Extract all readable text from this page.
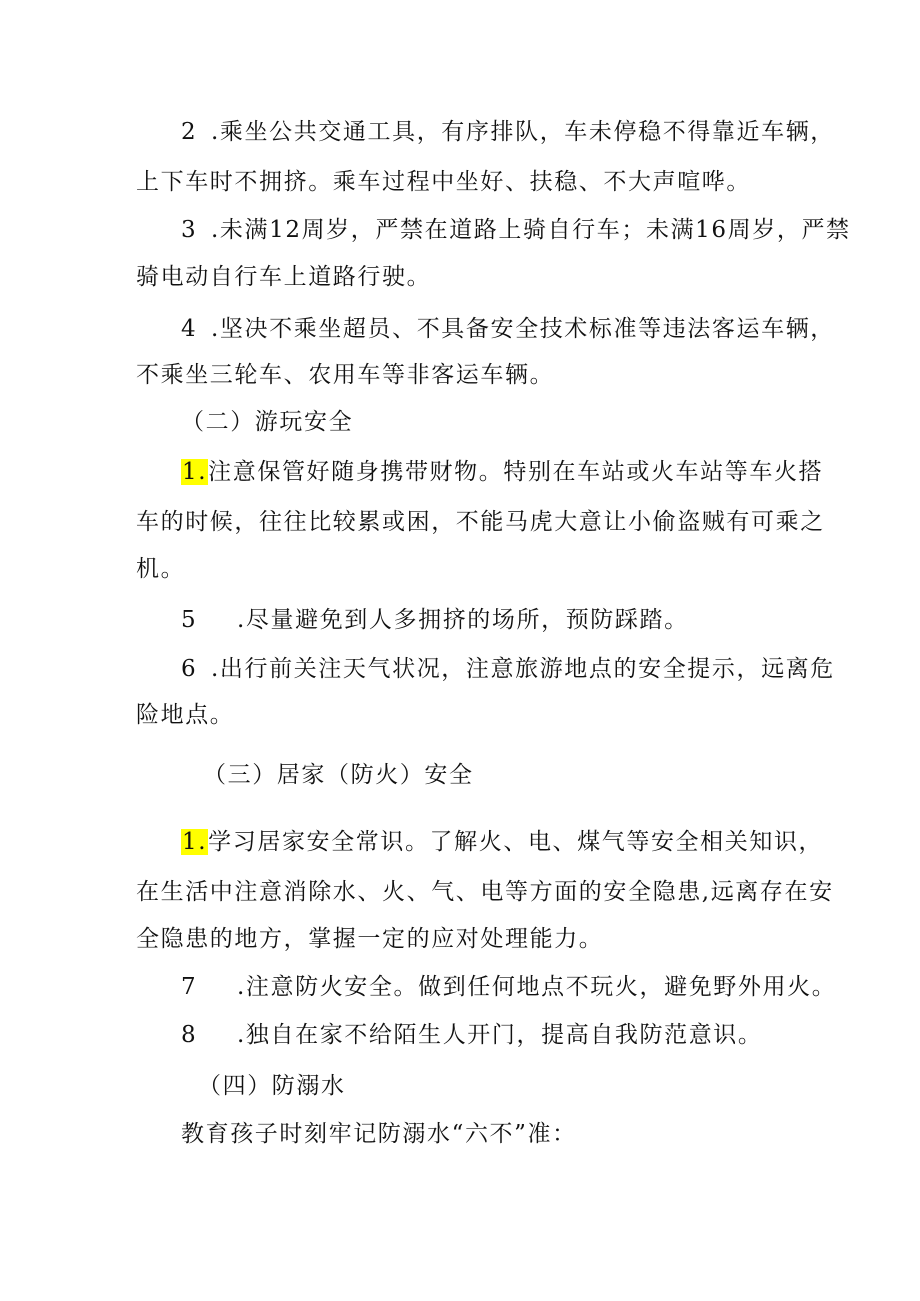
2 .乘坐公共交通工具，有序排队，车未停稳不得靠近车辆，
上下车时不拥挤。乘车过程中坐好、扶稳、不大声喧哗。
3 .未满12周岁，严禁在道路上骑自行车；未满16周岁，严禁
骑电动自行车上道路行驶。
4 .坚决不乘坐超员、不具备安全技术标准等违法客运车辆，
不乘坐三轮车、农用车等非客运车辆。
（二）游玩安全
1.注意保管好随身携带财物。特别在车站或火车站等车火搭
车的时候，往往比较累或困，不能马虎大意让小偷盗贼有可乘之
机。
5 .尽量避免到人多拥挤的场所，预防踩踏。
6 .出行前关注天气状况，注意旅游地点的安全提示，远离危
险地点。
（三）居家（防火）安全
1.学习居家安全常识。了解火、电、煤气等安全相关知识，
在生活中注意消除水、火、气、电等方面的安全隐患,远离存在安
全隐患的地方，掌握一定的应对处理能力。
7 .注意防火安全。做到任何地点不玩火，避免野外用火。
8 .独自在家不给陌生人开门，提高自我防范意识。
（四）防溺水
教育孩子时刻牢记防溺水“六不”准：
